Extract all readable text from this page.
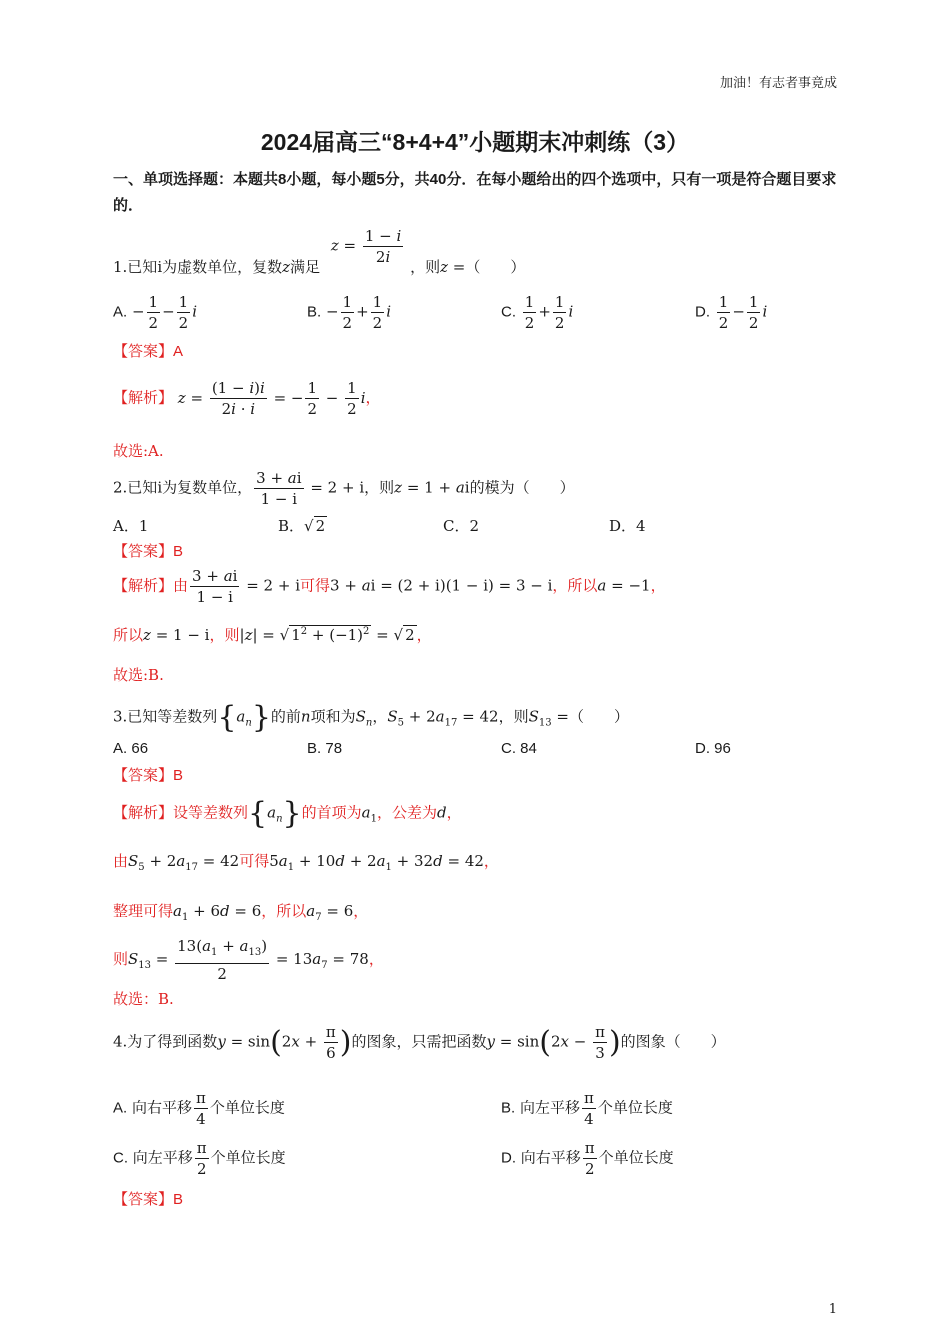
加油！有志者事竟成
2024届高三“8+4+4”小题期末冲刺练（3）
一、单项选择题：本题共8小题，每小题5分，共40分．在每小题给出的四个选项中，只有一项是符合题目要求的．
1.已知i为虚数单位，复数z满足 $z = \frac{1 - i}{2i}$ ，则z =（　　）
A. − $\frac{1}{2} - \frac{1}{2}$ i	B. − $\frac{1}{2} + \frac{1}{2}$ i	C. $\frac{1}{2} + \frac{1}{2}$ i	D. $\frac{1}{2} - \frac{1}{2}$ i
【答案】A
【解析】 $z = \frac{(1 - i)i}{2i \cdot i}$ = − $\frac{1}{2} - \frac{1}{2}$ i，
故选:A.
2.已知i为复数单位， $\frac{3 + ai}{1 - i} = 2 + i$，则z = 1 + ai的模为（　　）
A．1	B．√ 2	C．2	D．4
【答案】B
【解析】由 $\frac{3 + ai}{1 - i} = 2 + i$可得3 + ai = (2 + i)(1 − i) = 3 − i，所以a = −1，
所以z = 1 − i，则|z| = √ $1^2 + (-1)^2$ = √ 2 ，
故选:B.
3.已知等差数列$\{a_n\}$的前n项和为$S_n$，$S_5 + 2a_{17} = 42$，则$S_{13}$ =（　　）
A. 66	B. 78	C. 84	D. 96
【答案】B
【解析】设等差数列$\{a_n\}$的首项为$a_1$，公差为d，
由$S_5 + 2a_{17} = 42$可得$5a_1 + 10d + 2a_1 + 32d = 42$，
整理可得$a_1 + 6d = 6$，所以$a_7 = 6$，
则$S_{13} = \frac{13(a_1 + a_{13})}{2} = 13a_7 = 78$，
故选：B.
4.为了得到函数$y = \sin(2x + \frac{\pi}{6}$ )的图象，只需把函数$y = \sin(2x - \frac{\pi}{3}$ )的图象（　　）
A. 向右平移 $\frac{\pi}{4}$ 个单位长度	B. 向左平移 $\frac{\pi}{4}$ 个单位长度
C. 向左平移 $\frac{\pi}{2}$ 个单位长度	D. 向右平移 $\frac{\pi}{2}$ 个单位长度
【答案】B
1
